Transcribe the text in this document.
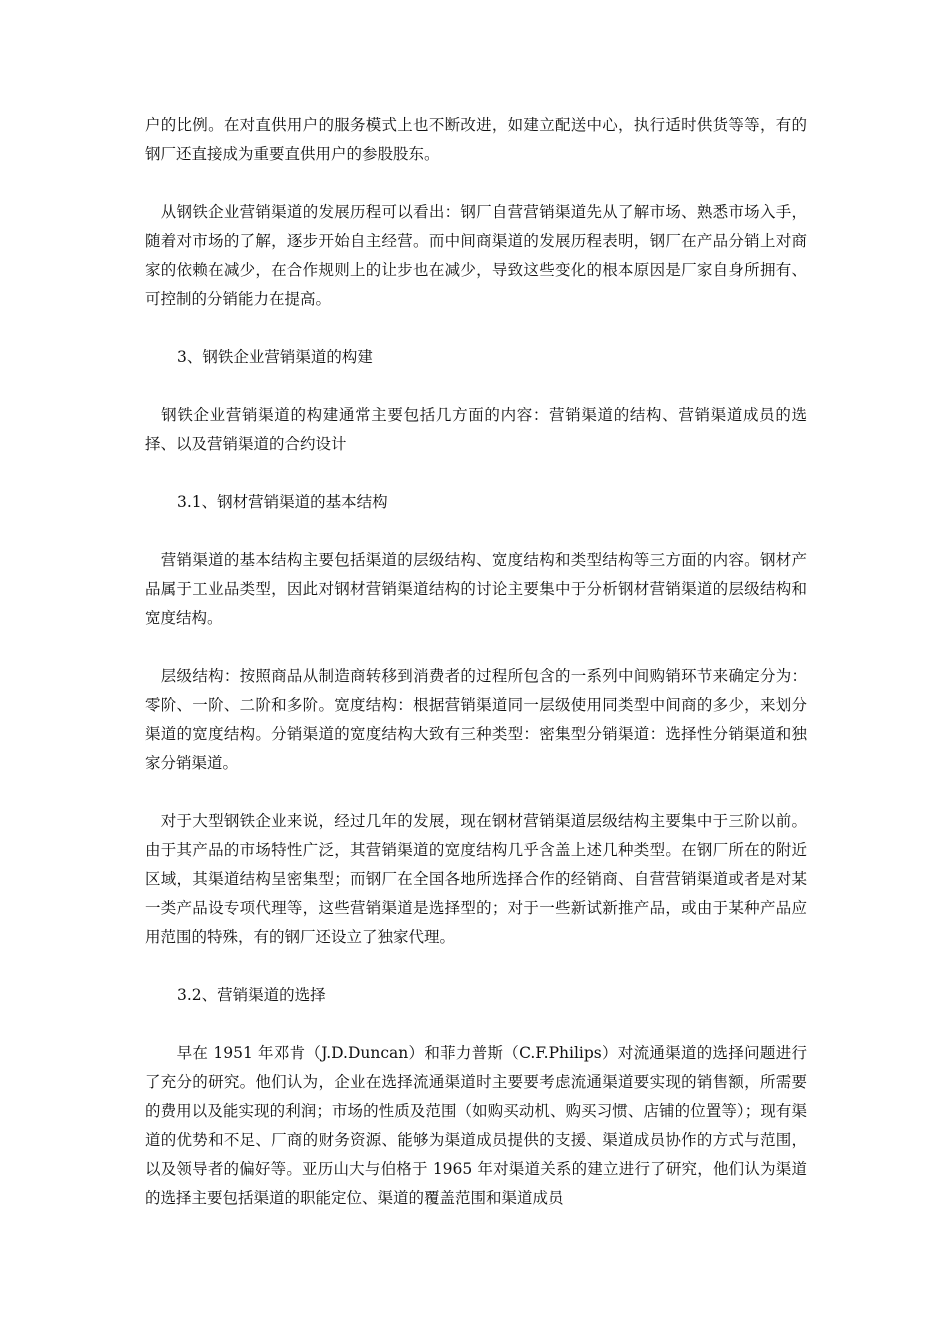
户的比例。在对直供用户的服务模式上也不断改进，如建立配送中心，执行适时供货等等，有的钢厂还直接成为重要直供用户的参股股东。

　从钢铁企业营销渠道的发展历程可以看出：钢厂自营营销渠道先从了解市场、熟悉市场入手，随着对市场的了解，逐步开始自主经营。而中间商渠道的发展历程表明，钢厂在产品分销上对商家的依赖在减少，在合作规则上的让步也在减少，导致这些变化的根本原因是厂家自身所拥有、可控制的分销能力在提高。

3、钢铁企业营销渠道的构建

　钢铁企业营销渠道的构建通常主要包括几方面的内容：营销渠道的结构、营销渠道成员的选择、以及营销渠道的合约设计

3.1、钢材营销渠道的基本结构

　营销渠道的基本结构主要包括渠道的层级结构、宽度结构和类型结构等三方面的内容。钢材产品属于工业品类型，因此对钢材营销渠道结构的讨论主要集中于分析钢材营销渠道的层级结构和宽度结构。

　层级结构：按照商品从制造商转移到消费者的过程所包含的一系列中间购销环节来确定分为：零阶、一阶、二阶和多阶。宽度结构：根据营销渠道同一层级使用同类型中间商的多少，来划分渠道的宽度结构。分销渠道的宽度结构大致有三种类型：密集型分销渠道：选择性分销渠道和独家分销渠道。

　对于大型钢铁企业来说，经过几年的发展，现在钢材营销渠道层级结构主要集中于三阶以前。由于其产品的市场特性广泛，其营销渠道的宽度结构几乎含盖上述几种类型。在钢厂所在的附近区域，其渠道结构呈密集型；而钢厂在全国各地所选择合作的经销商、自营营销渠道或者是对某一类产品设专项代理等，这些营销渠道是选择型的；对于一些新试新推产品，或由于某种产品应用范围的特殊，有的钢厂还设立了独家代理。

3.2、营销渠道的选择

　　早在 1951 年邓肯（J.D.Duncan）和菲力普斯（C.F.Philips）对流通渠道的选择问题进行了充分的研究。他们认为，企业在选择流通渠道时主要要考虑流通渠道要实现的销售额，所需要的费用以及能实现的利润；市场的性质及范围（如购买动机、购买习惯、店铺的位置等）；现有渠道的优势和不足、厂商的财务资源、能够为渠道成员提供的支援、渠道成员协作的方式与范围，以及领导者的偏好等。亚历山大与伯格于 1965 年对渠道关系的建立进行了研究，他们认为渠道的选择主要包括渠道的职能定位、渠道的覆盖范围和渠道成员
